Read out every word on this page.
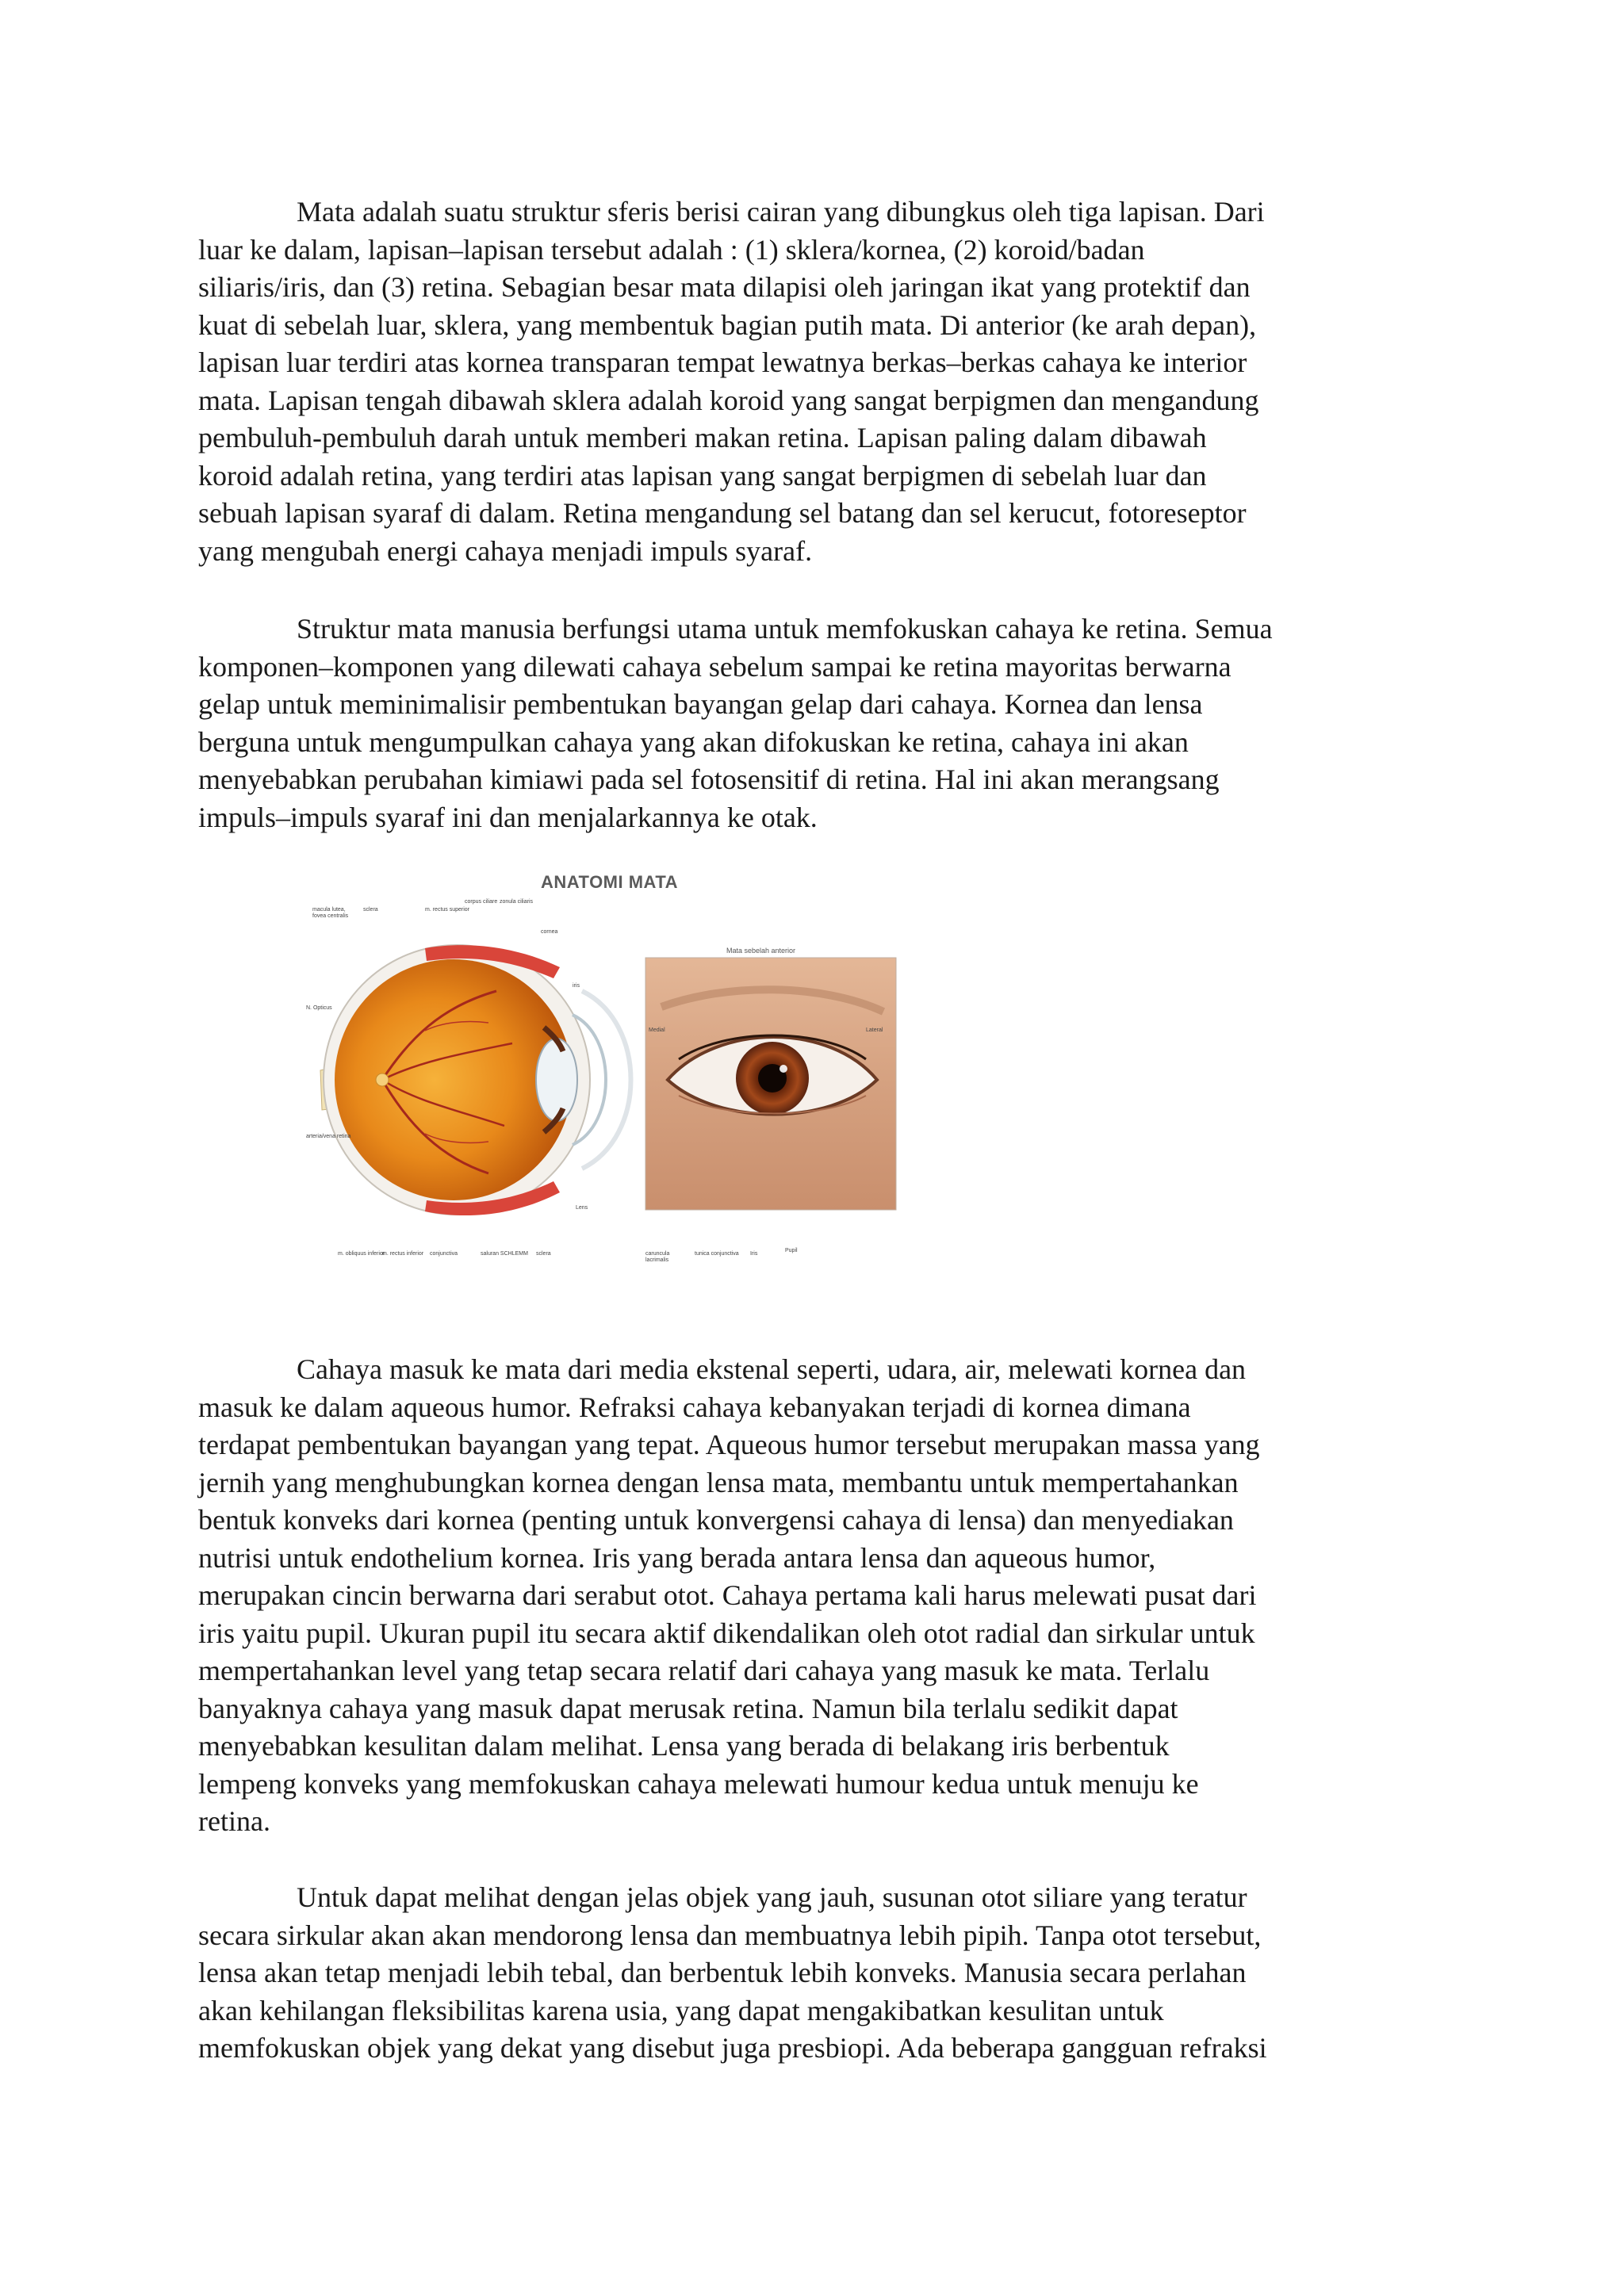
Mata adalah suatu struktur sferis berisi cairan yang dibungkus oleh tiga lapisan. Dari
luar ke dalam, lapisan–lapisan tersebut adalah : (1) sklera/kornea, (2) koroid/badan
siliaris/iris, dan (3) retina. Sebagian besar mata dilapisi oleh jaringan ikat yang protektif dan
kuat di sebelah luar, sklera, yang membentuk bagian putih mata. Di anterior (ke arah depan),
lapisan luar terdiri atas kornea transparan tempat lewatnya berkas–berkas cahaya ke interior
mata. Lapisan tengah dibawah sklera adalah koroid yang sangat berpigmen dan mengandung
pembuluh-pembuluh darah untuk memberi makan retina. Lapisan paling dalam dibawah
koroid adalah retina, yang terdiri atas lapisan yang sangat berpigmen di sebelah luar dan
sebuah lapisan syaraf di dalam. Retina mengandung sel batang dan sel kerucut, fotoreseptor
yang mengubah energi cahaya menjadi impuls syaraf.

Struktur mata manusia berfungsi utama untuk memfokuskan cahaya ke retina. Semua
komponen–komponen yang dilewati cahaya sebelum sampai ke retina mayoritas berwarna
gelap untuk meminimalisir pembentukan bayangan gelap dari cahaya. Kornea dan lensa
berguna untuk mengumpulkan cahaya yang akan difokuskan ke retina, cahaya ini akan
menyebabkan perubahan kimiawi pada sel fotosensitif di retina. Hal ini akan merangsang
impuls–impuls syaraf ini dan menjalarkannya ke otak.

ANATOMI MATA
macula lutea, fovea centralis
sclera	m. rectus superior
corpus ciliare zonula ciliaris
cornea
iris
N. Opticus
arteria/vena retina
Lens
m. obliquus inferior
m. rectus inferior	conjunctiva	saluran SCHLEMM sclera
Mata sebelah anterior
Medial	Lateral
caruncula lacrimalis
tunica conjunctiva	Iris
Pupil

Cahaya masuk ke mata dari media ekstenal seperti, udara, air, melewati kornea dan
masuk ke dalam aqueous humor. Refraksi cahaya kebanyakan terjadi di kornea dimana
terdapat pembentukan bayangan yang tepat. Aqueous humor tersebut merupakan massa yang
jernih yang menghubungkan kornea dengan lensa mata, membantu untuk mempertahankan
bentuk konveks dari kornea (penting untuk konvergensi cahaya di lensa) dan menyediakan
nutrisi untuk endothelium kornea. Iris yang berada antara lensa dan aqueous humor,
merupakan cincin berwarna dari serabut otot. Cahaya pertama kali harus melewati pusat dari
iris yaitu pupil. Ukuran pupil itu secara aktif dikendalikan oleh otot radial dan sirkular untuk
mempertahankan level yang tetap secara relatif dari cahaya yang masuk ke mata. Terlalu
banyaknya cahaya yang masuk dapat merusak retina. Namun bila terlalu sedikit dapat
menyebabkan kesulitan dalam melihat. Lensa yang berada di belakang iris berbentuk
lempeng konveks yang memfokuskan cahaya melewati humour kedua untuk menuju ke
retina.

Untuk dapat melihat dengan jelas objek yang jauh, susunan otot siliare yang teratur
secara sirkular akan akan mendorong lensa dan membuatnya lebih pipih. Tanpa otot tersebut,
lensa akan tetap menjadi lebih tebal, dan berbentuk lebih konveks. Manusia secara perlahan
akan kehilangan fleksibilitas karena usia, yang dapat mengakibatkan kesulitan untuk
memfokuskan objek yang dekat yang disebut juga presbiopi. Ada beberapa gangguan refraksi
